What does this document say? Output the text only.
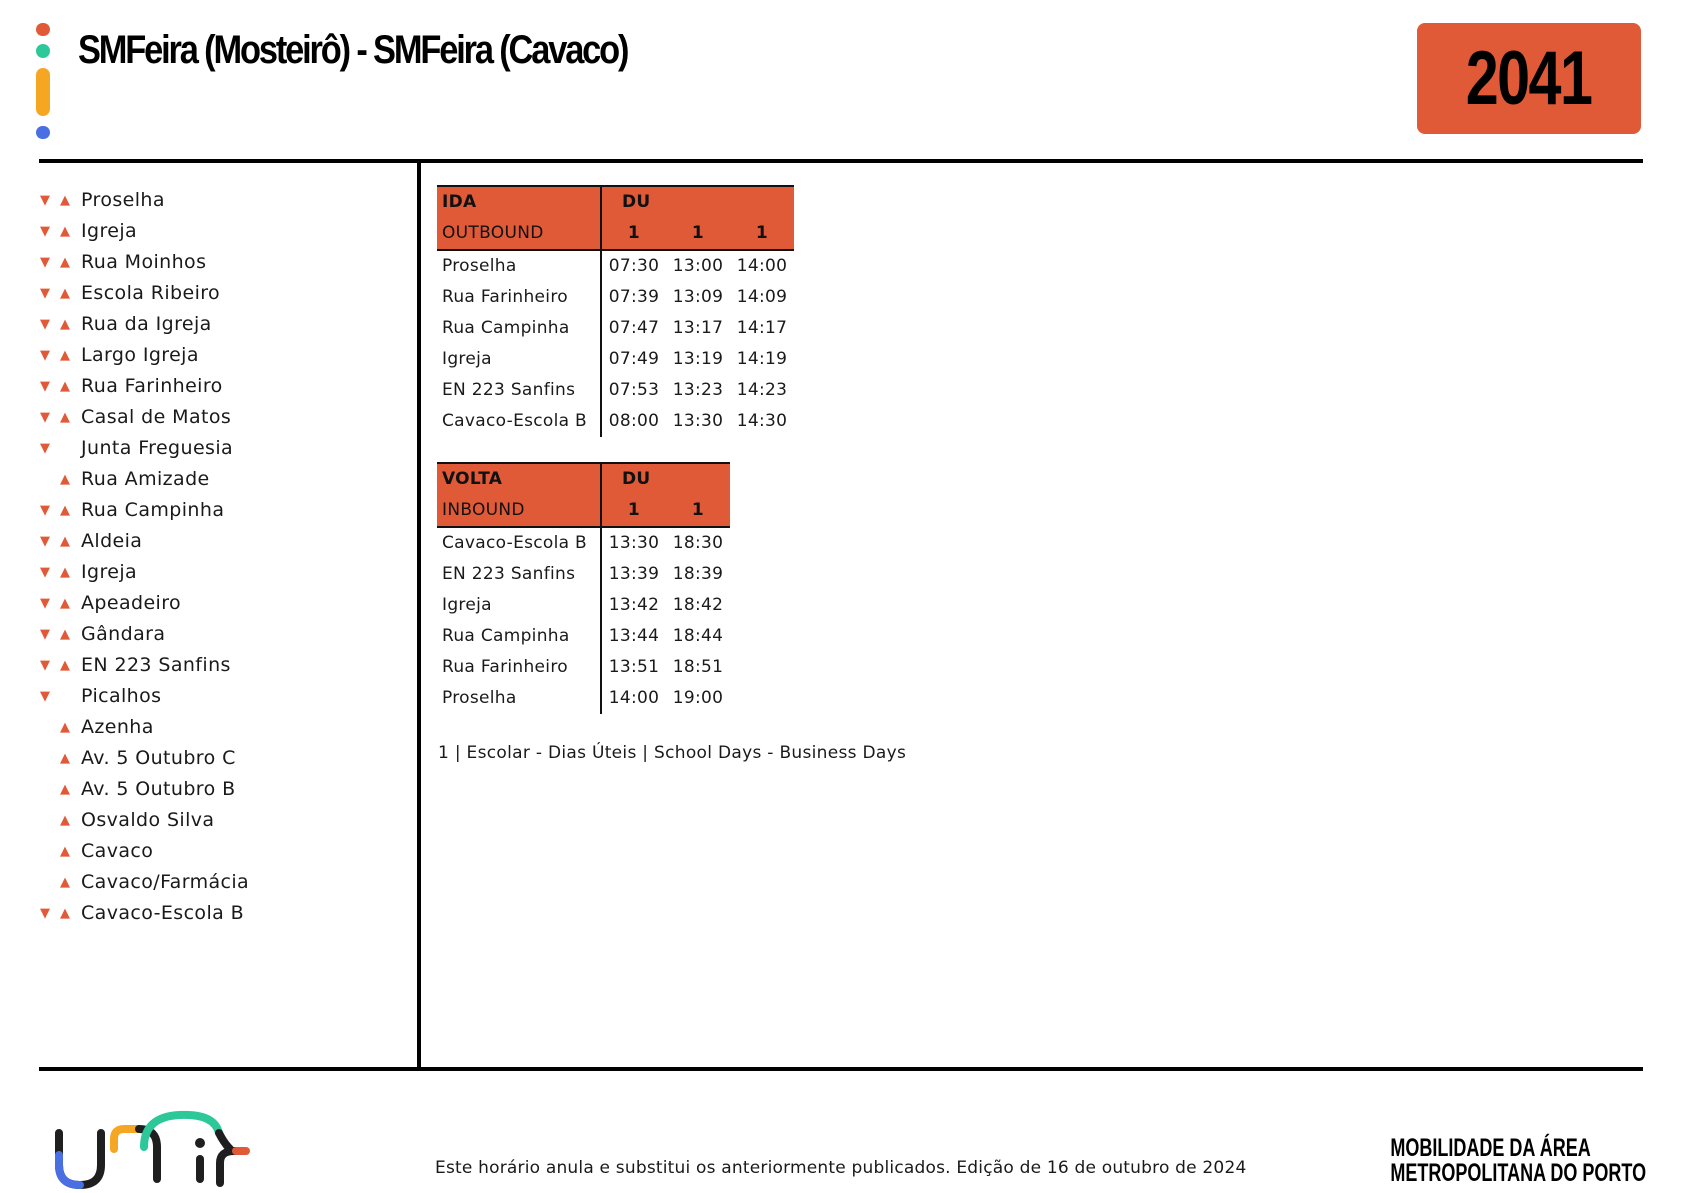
SMFeira (Mosteirô) - SMFeira (Cavaco)	2041
▼ ▲ Proselha
▼ ▲ Igreja
▼ ▲ Rua Moinhos
▼ ▲ Escola Ribeiro
▼ ▲ Rua da Igreja
▼ ▲ Largo Igreja
▼ ▲ Rua Farinheiro
▼ ▲ Casal de Matos
▼ Junta Freguesia
▲ Rua Amizade
▼ ▲ Rua Campinha
▼ ▲ Aldeia
▼ ▲ Igreja
▼ ▲ Apeadeiro
▼ ▲ Gândara
▼ ▲ EN 223 Sanfins
▼ Picalhos
▲ Azenha
▲ Av. 5 Outubro C
▲ Av. 5 Outubro B
▲ Osvaldo Silva
▲ Cavaco
▲ Cavaco/Farmácia
▼ ▲ Cavaco-Escola B
IDA	DU		
OUTBOUND	1	1	1
Proselha	07:30	13:00	14:00
Rua Farinheiro	07:39	13:09	14:09
Rua Campinha	07:47	13:17	14:17
Igreja	07:49	13:19	14:19
EN 223 Sanfins	07:53	13:23	14:23
Cavaco-Escola B	08:00	13:30	14:30
VOLTA	DU	
INBOUND	1	1
Cavaco-Escola B	13:30	18:30
EN 223 Sanfins	13:39	18:39
Igreja	13:42	18:42
Rua Campinha	13:44	18:44
Rua Farinheiro	13:51	18:51
Proselha	14:00	19:00
1 | Escolar - Dias Úteis | School Days - Business Days
Este horário anula e substitui os anteriormente publicados. Edição de 16 de outubro de 2024
MOBILIDADE DA ÁREA
METROPOLITANA DO PORTO
